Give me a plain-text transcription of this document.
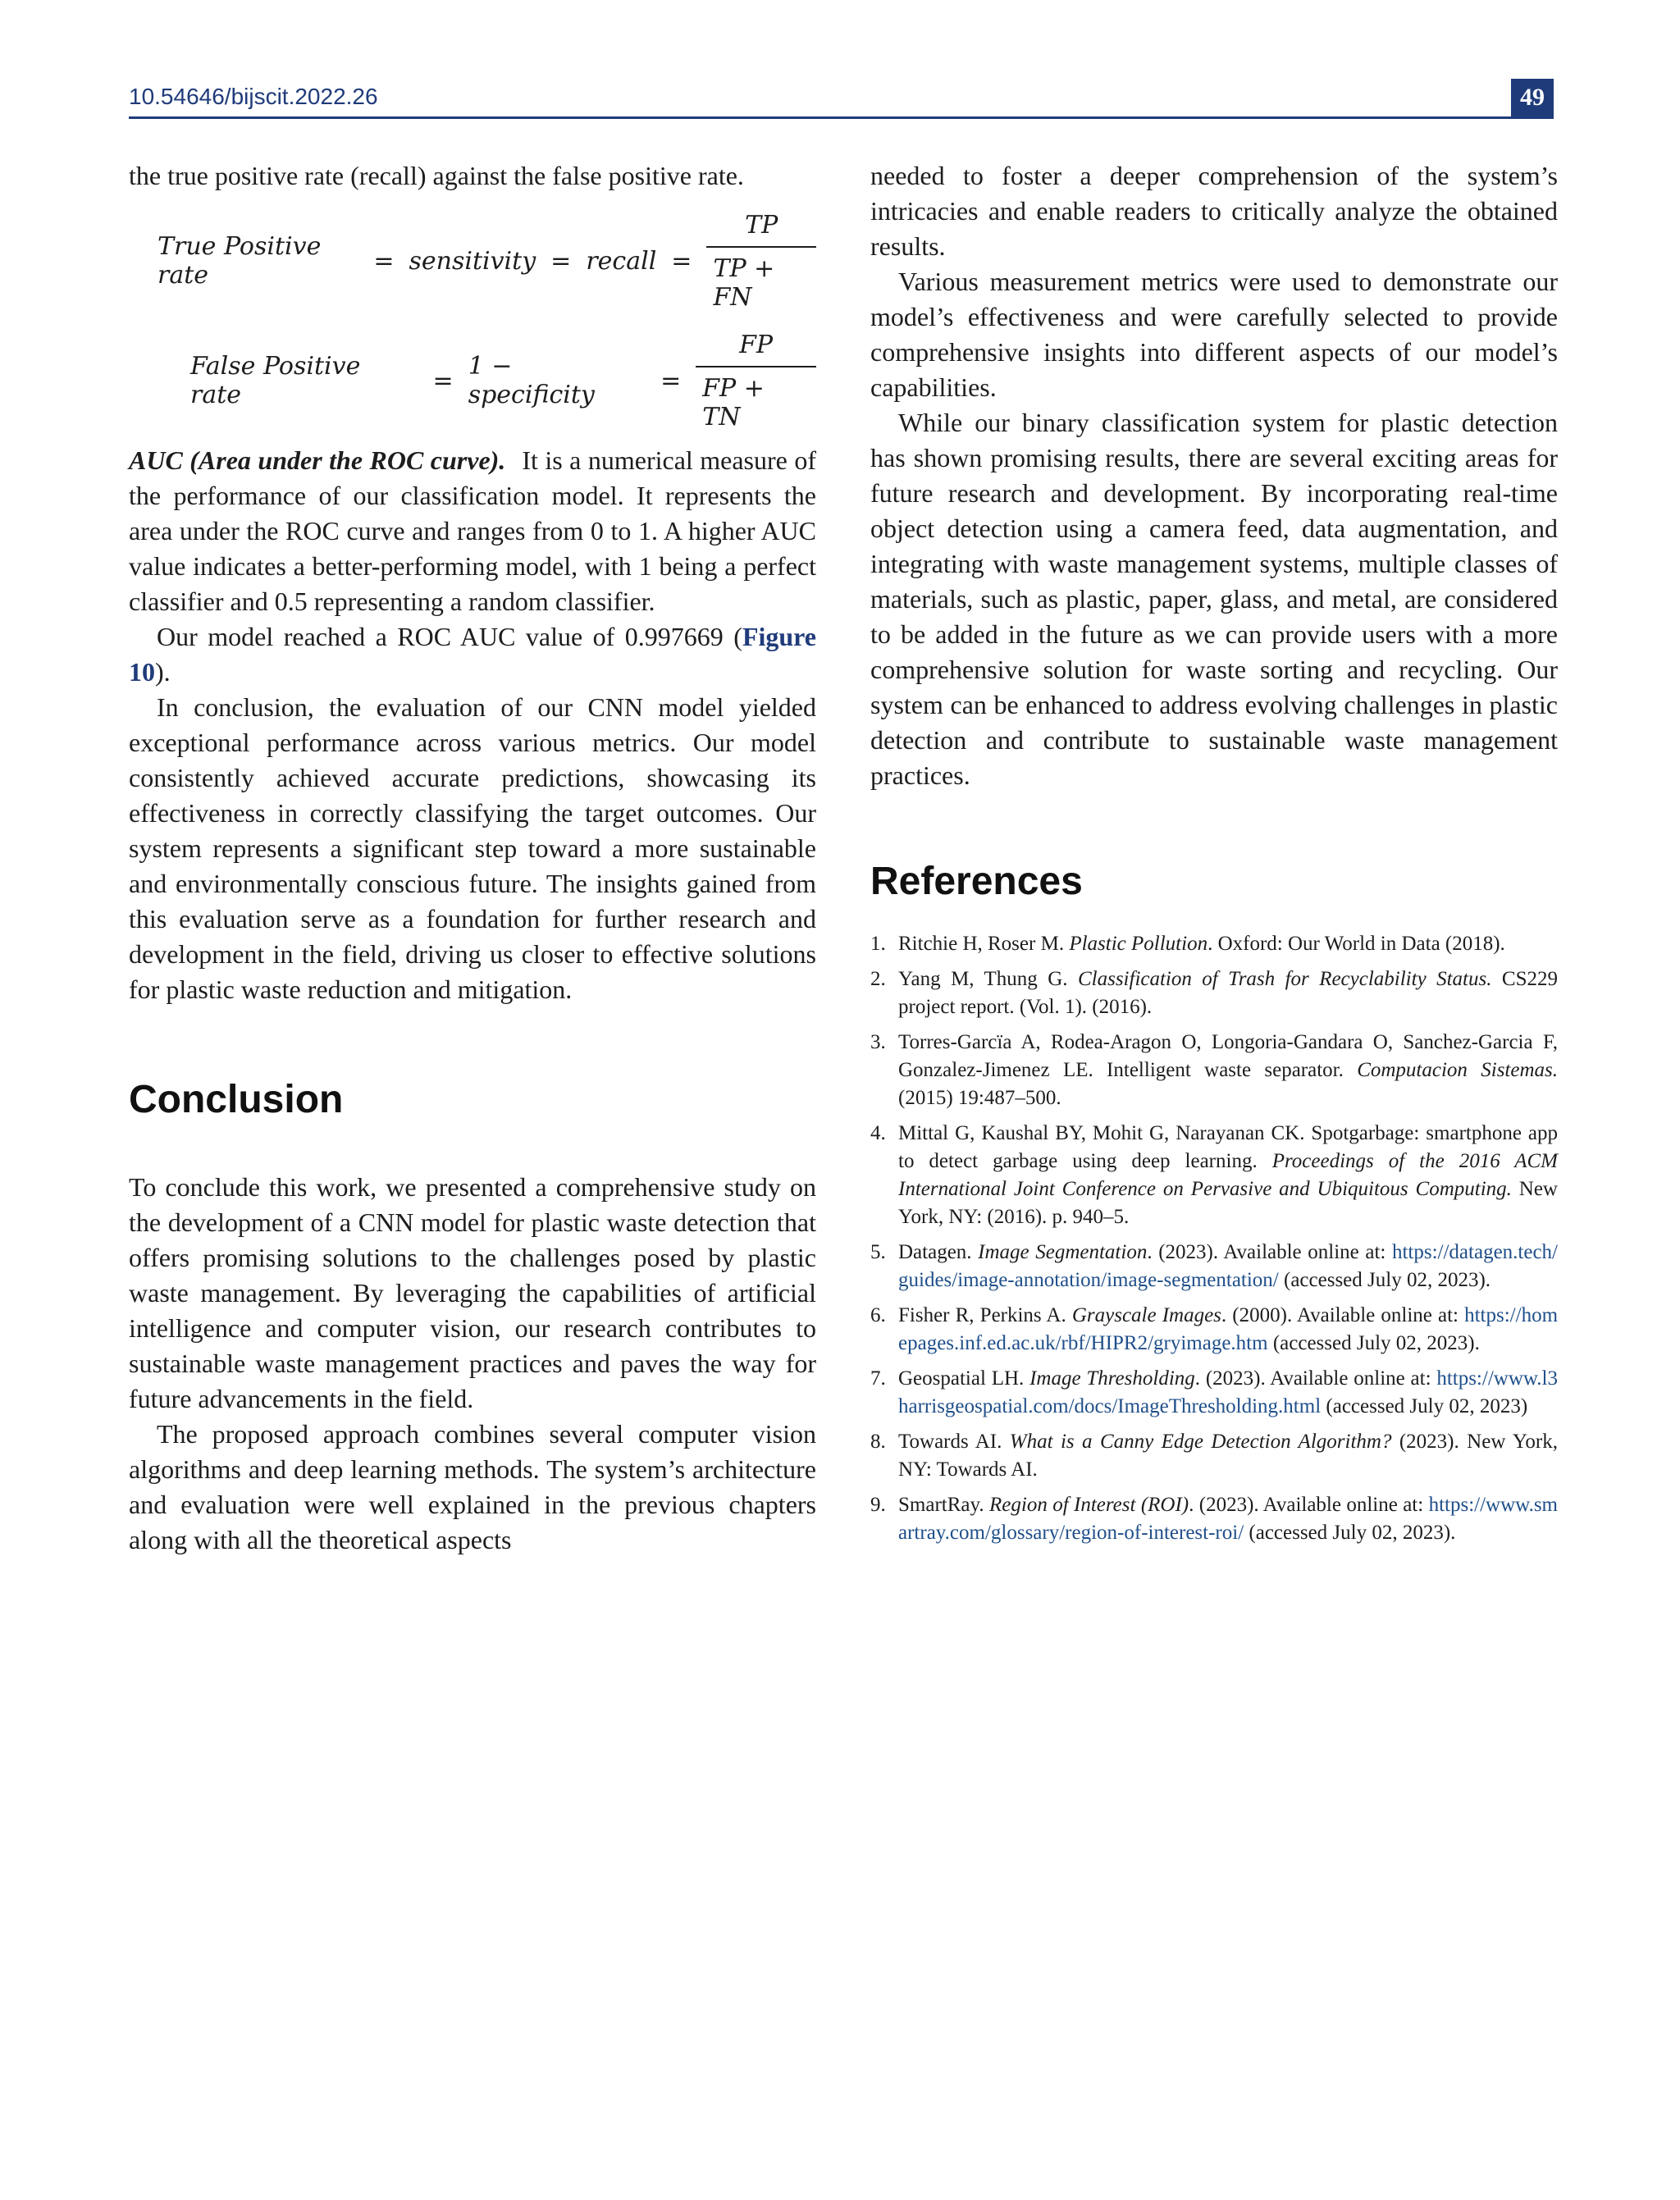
10.54646/bijscit.2022.26	49

the true positive rate (recall) against the false positive rate.

True Positive rate	= sensitivity = recall = $\frac{TP}{TP + FN}$
False Positive rate	= 1 − specificity	= $\frac{FP}{FP + TN}$

AUC (Area under the ROC curve). It is a numerical measure of the performance of our classification model. It represents the area under the ROC curve and ranges from 0 to 1. A higher AUC value indicates a better-performing model, with 1 being a perfect classifier and 0.5 representing a random classifier.

Our model reached a ROC AUC value of 0.997669 (Figure 10).

In conclusion, the evaluation of our CNN model yielded exceptional performance across various metrics. Our model consistently achieved accurate predictions, showcasing its effectiveness in correctly classifying the target outcomes. Our system represents a significant step toward a more sustainable and environmentally conscious future. The insights gained from this evaluation serve as a foundation for further research and development in the field, driving us closer to effective solutions for plastic waste reduction and mitigation.

Conclusion

To conclude this work, we presented a comprehensive study on the development of a CNN model for plastic waste detection that offers promising solutions to the challenges posed by plastic waste management. By leveraging the capabilities of artificial intelligence and computer vision, our research contributes to sustainable waste management practices and paves the way for future advancements in the field.

The proposed approach combines several computer vision algorithms and deep learning methods. The system’s architecture and evaluation were well explained in the previous chapters along with all the theoretical aspects

needed to foster a deeper comprehension of the system’s intricacies and enable readers to critically analyze the obtained results.

Various measurement metrics were used to demonstrate our model’s effectiveness and were carefully selected to provide comprehensive insights into different aspects of our model’s capabilities.

While our binary classification system for plastic detection has shown promising results, there are several exciting areas for future research and development. By incorporating real-time object detection using a camera feed, data augmentation, and integrating with waste management systems, multiple classes of materials, such as plastic, paper, glass, and metal, are considered to be added in the future as we can provide users with a more comprehensive solution for waste sorting and recycling. Our system can be enhanced to address evolving challenges in plastic detection and contribute to sustainable waste management practices.

References
1. Ritchie H, Roser M. Plastic Pollution. Oxford: Our World in Data (2018).
2. Yang M, Thung G. Classification of Trash for Recyclability Status. CS229 project report. (Vol. 1). (2016).
3. Torres-Garcïa A, Rodea-Aragon O, Longoria-Gandara O, Sanchez-Garcia F, Gonzalez-Jimenez LE. Intelligent waste separator. Computacion Sistemas. (2015) 19:487–500.
4. Mittal G, Kaushal BY, Mohit G, Narayanan CK. Spotgarbage: smartphone app to detect garbage using deep learning. Proceedings of the 2016 ACM International Joint Conference on Pervasive and Ubiquitous Computing. New York, NY: (2016). p. 940–5.
5. Datagen. Image Segmentation. (2023). Available online at: https://datagen.tech/guides/image-annotation/image-segmentation/ (accessed July 02, 2023).
6. Fisher R, Perkins A. Grayscale Images. (2000). Available online at: https://homepages.inf.ed.ac.uk/rbf/HIPR2/gryimage.htm (accessed July 02, 2023).
7. Geospatial LH. Image Thresholding. (2023). Available online at: https://www.l3harrisgeospatial.com/docs/ImageThresholding.html (accessed July 02, 2023)
8. Towards AI. What is a Canny Edge Detection Algorithm? (2023). New York, NY: Towards AI.
9. SmartRay. Region of Interest (ROI). (2023). Available online at: https://www.smartray.com/glossary/region-of-interest-roi/ (accessed July 02, 2023).
